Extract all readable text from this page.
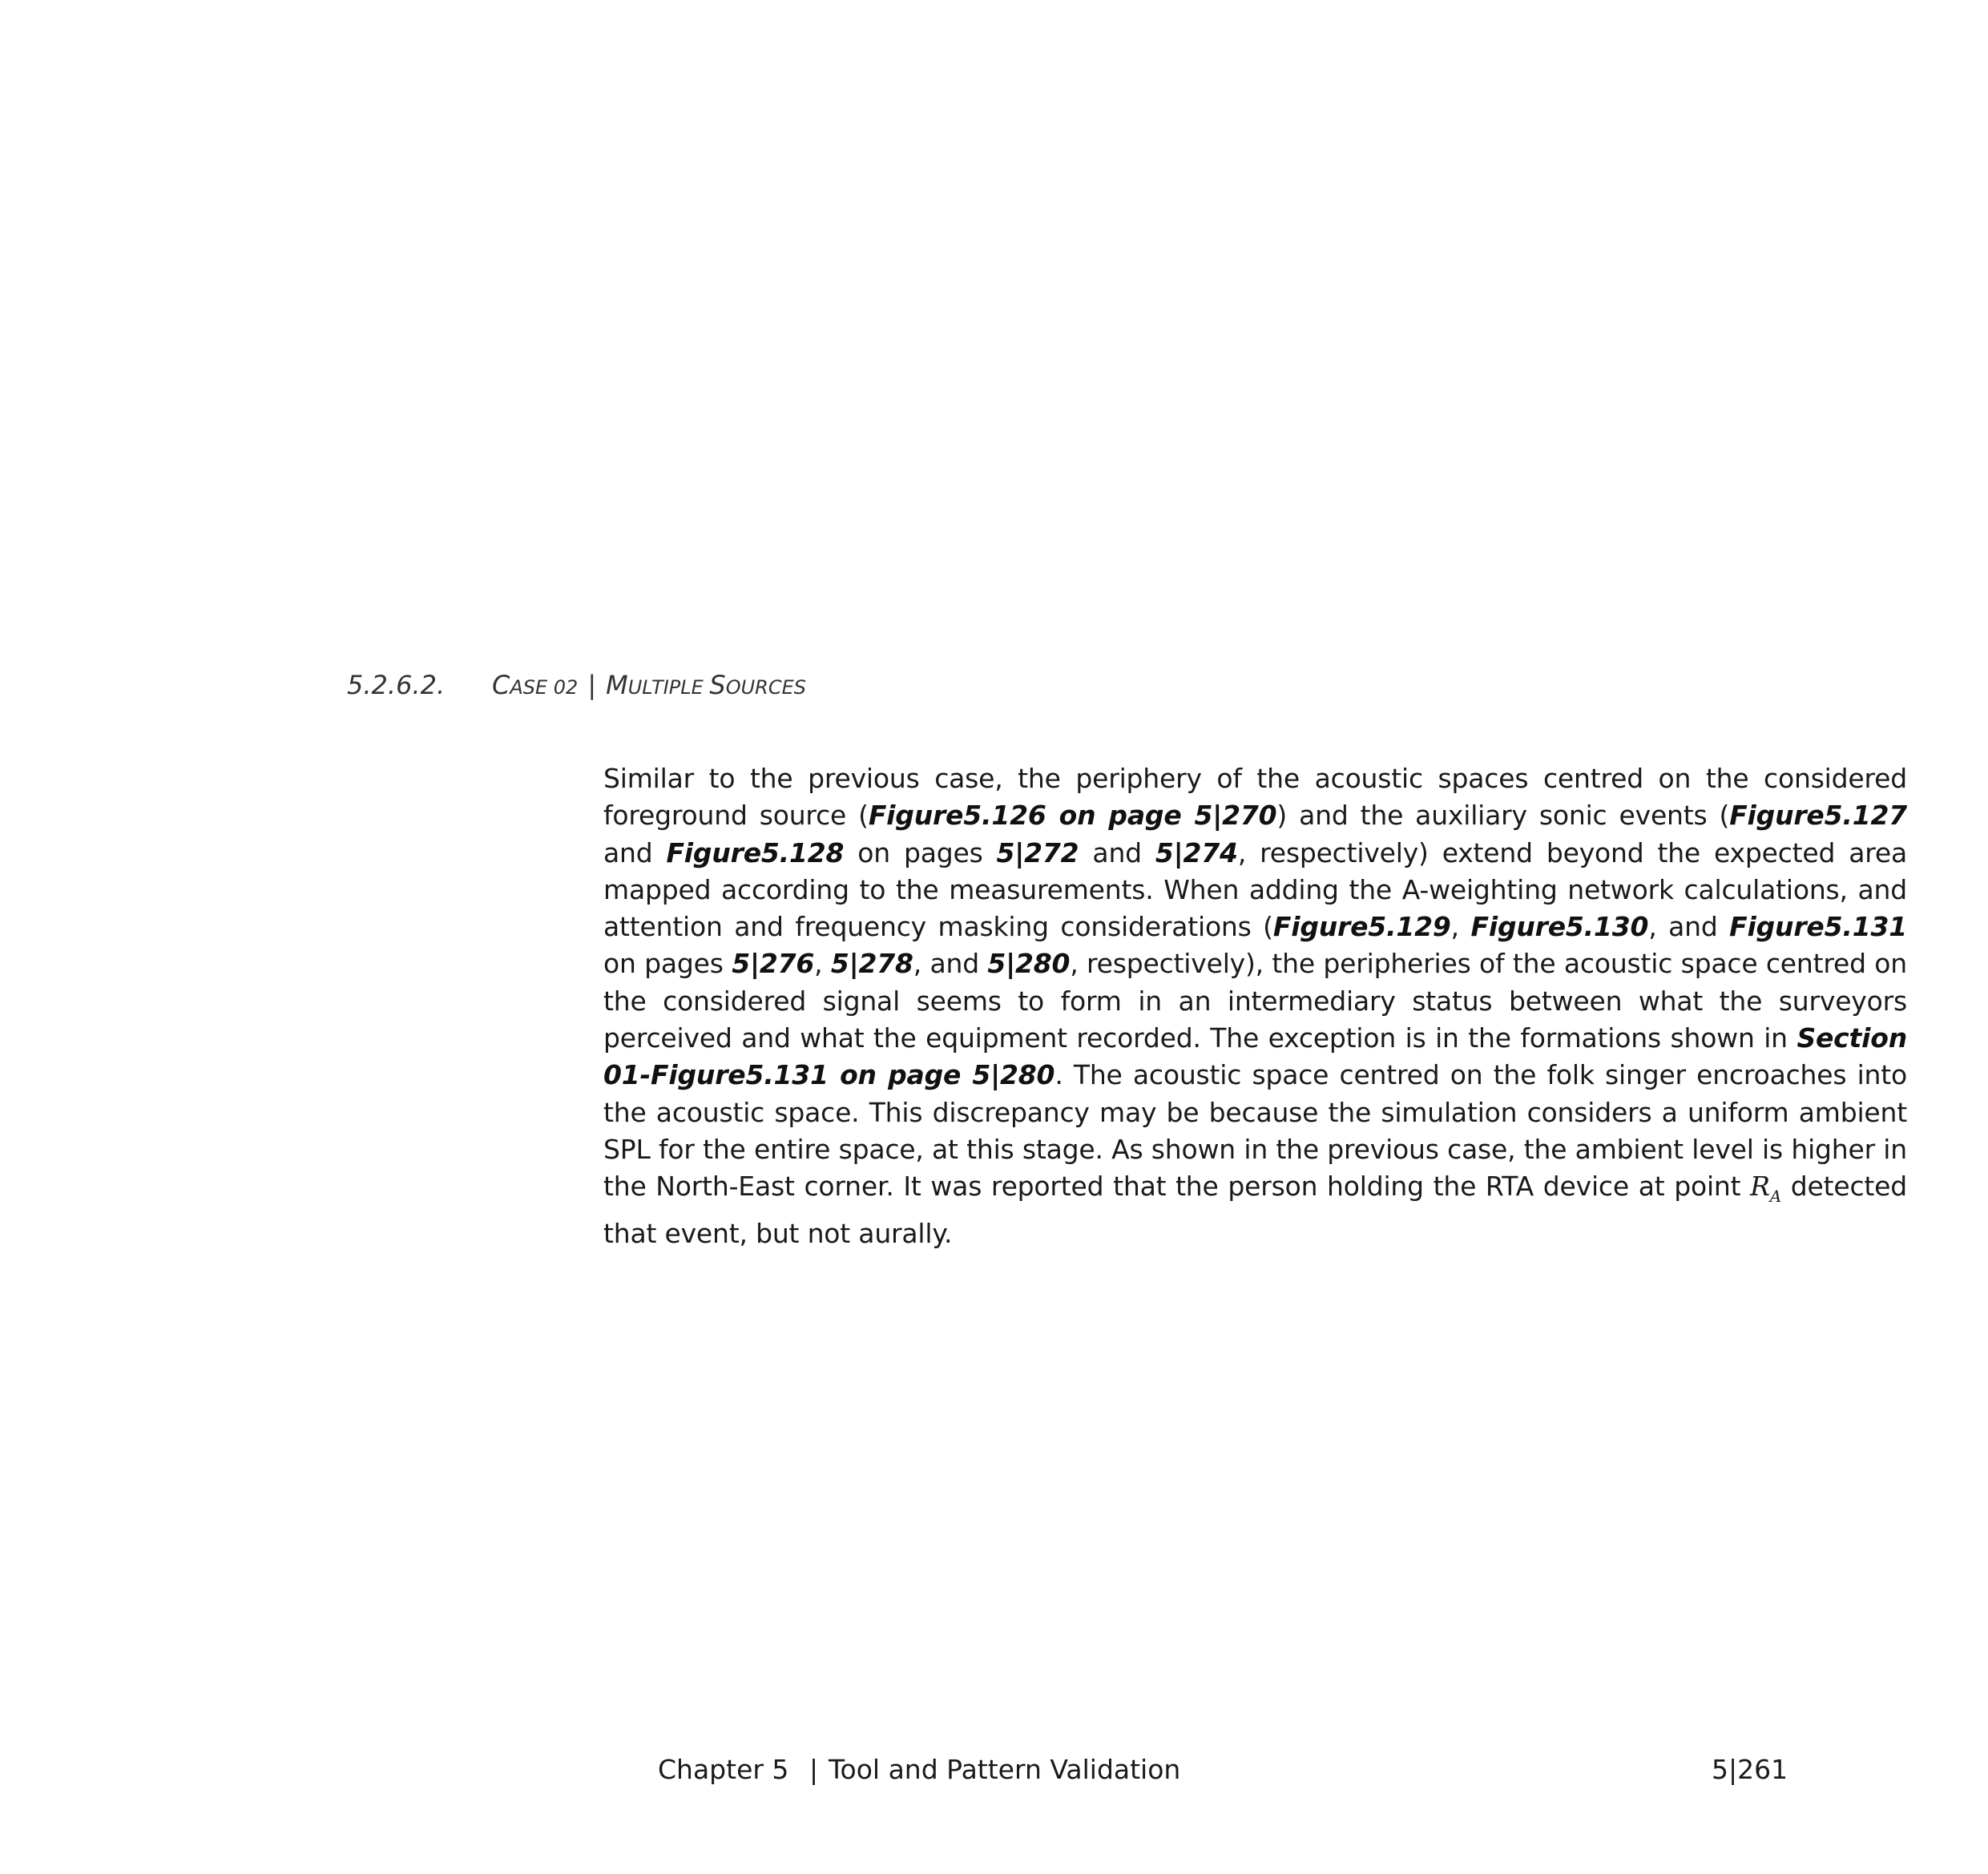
5.2.6.2. CASE 02 | MULTIPLE SOURCES

Similar to the previous case, the periphery of the acoustic spaces centred on the considered foreground source (Figure5.126 on page 5|270) and the auxiliary sonic events (Figure5.127 and Figure5.128 on pages 5|272 and 5|274, respectively) extend beyond the expected area mapped according to the measurements. When adding the A-weighting network calculations, and attention and frequency masking considerations (Figure5.129, Figure5.130, and Figure5.131 on pages 5|276, 5|278, and 5|280, respectively), the peripheries of the acoustic space centred on the considered signal seems to form in an intermediary status between what the surveyors perceived and what the equipment recorded. The exception is in the formations shown in Section 01-Figure5.131 on page 5|280. The acoustic space centred on the folk singer encroaches into the acoustic space. This discrepancy may be because the simulation considers a uniform ambient SPL for the entire space, at this stage. As shown in the previous case, the ambient level is higher in the North-East corner. It was reported that the person holding the RTA device at point $R_A$ detected that event, but not aurally.

Chapter 5 | Tool and Pattern Validation	5|261
